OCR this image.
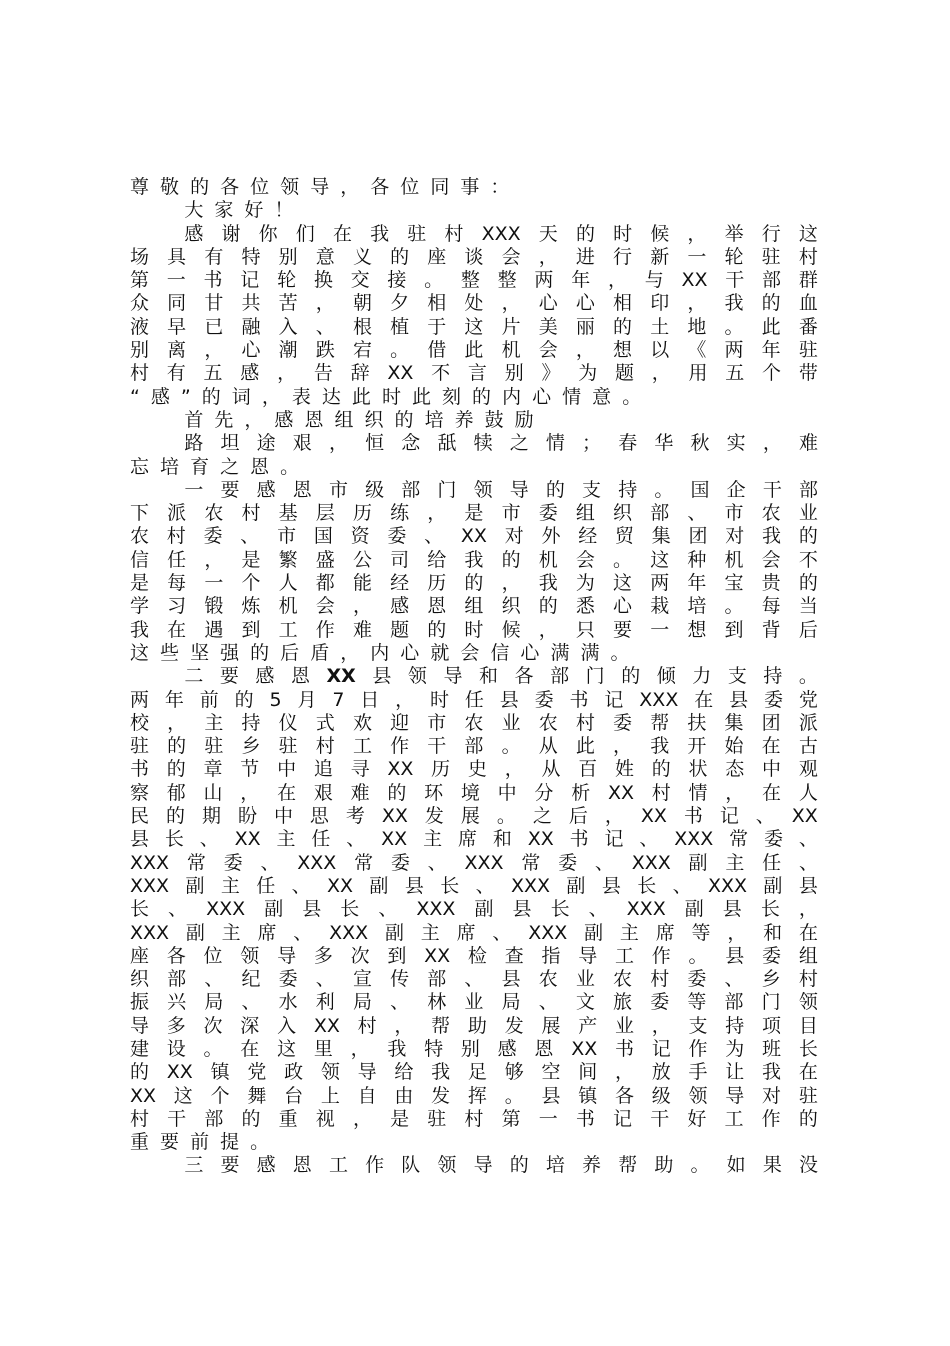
尊 敬 的 各 位 领 导 ， 各 位 同 事 ：
大 家 好 ！
感 谢 你 们 在 我 驻 村 XXX 天 的 时 候 ， 举 行 这
场 具 有 特 别 意 义 的 座 谈 会 ， 进 行 新 一 轮 驻 村
第 一 书 记 轮 换 交 接 。 整 整 两 年 ， 与 XX 干 部 群
众 同 甘 共 苦 ， 朝 夕 相 处 ， 心 心 相 印 ， 我 的 血
液 早 已 融 入 、 根 植 于 这 片 美 丽 的 土 地 。 此 番
别 离 ， 心 潮 跌 宕 。 借 此 机 会 ， 想 以 《 两 年 驻
村 有 五 感 ， 告 辞 XX 不 言 别 》 为 题 ， 用 五 个 带
“ 感 ” 的 词 ， 表 达 此 时 此 刻 的 内 心 情 意 。
首 先 ， 感 恩 组 织 的 培 养 鼓 励
路 坦 途 艰 ， 恒 念 舐 犊 之 情 ； 春 华 秋 实 ， 难
忘 培 育 之 恩 。
一 要 感 恩 市 级 部 门 领 导 的 支 持 。 国 企 干 部
下 派 农 村 基 层 历 练 ， 是 市 委 组 织 部 、 市 农 业
农 村 委 、 市 国 资 委 、 XX 对 外 经 贸 集 团 对 我 的
信 任 ， 是 繁 盛 公 司 给 我 的 机 会 。 这 种 机 会 不
是 每 一 个 人 都 能 经 历 的 ， 我 为 这 两 年 宝 贵 的
学 习 锻 炼 机 会 ， 感 恩 组 织 的 悉 心 栽 培 。 每 当
我 在 遇 到 工 作 难 题 的 时 候 ， 只 要 一 想 到 背 后
这 些 坚 强 的 后 盾 ， 内 心 就 会 信 心 满 满 。
二 要 感 恩 XX 县 领 导 和 各 部 门 的 倾 力 支 持 。
两 年 前 的 5 月 7 日 ， 时 任 县 委 书 记 XXX 在 县 委 党
校 ， 主 持 仪 式 欢 迎 市 农 业 农 村 委 帮 扶 集 团 派
驻 的 驻 乡 驻 村 工 作 干 部 。 从 此 ， 我 开 始 在 古
书 的 章 节 中 追 寻 XX 历 史 ， 从 百 姓 的 状 态 中 观
察 郁 山 ， 在 艰 难 的 环 境 中 分 析 XX 村 情 ， 在 人
民 的 期 盼 中 思 考 XX 发 展 。 之 后 ， XX 书 记 、 XX
县 长 、 XX 主 任 、 XX 主 席 和 XX 书 记 、 XXX 常 委 、
XXX 常 委 、 XXX 常 委 、 XXX 常 委 、 XXX 副 主 任 、
XXX 副 主 任 、 XX 副 县 长 、 XXX 副 县 长 、 XXX 副 县
长 、 XXX 副 县 长 、 XXX 副 县 长 、 XXX 副 县 长 ，
XXX 副 主 席 、 XXX 副 主 席 、 XXX 副 主 席 等 ， 和 在
座 各 位 领 导 多 次 到 XX 检 查 指 导 工 作 。 县 委 组
织 部 、 纪 委 、 宣 传 部 、 县 农 业 农 村 委 、 乡 村
振 兴 局 、 水 利 局 、 林 业 局 、 文 旅 委 等 部 门 领
导 多 次 深 入 XX 村 ， 帮 助 发 展 产 业 ， 支 持 项 目
建 设 。 在 这 里 ， 我 特 别 感 恩 XX 书 记 作 为 班 长
的 XX 镇 党 政 领 导 给 我 足 够 空 间 ， 放 手 让 我 在
XX 这 个 舞 台 上 自 由 发 挥 。 县 镇 各 级 领 导 对 驻
村 干 部 的 重 视 ， 是 驻 村 第 一 书 记 干 好 工 作 的
重 要 前 提 。
三 要 感 恩 工 作 队 领 导 的 培 养 帮 助 。 如 果 没
